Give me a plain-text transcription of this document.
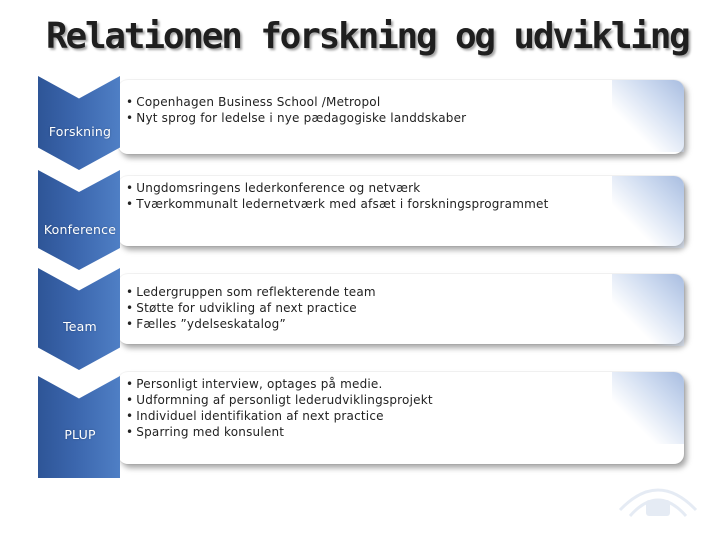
Relationen forskning og udvikling
• Copenhagen Business School /Metropol
• Nyt sprog for ledelse i nye pædagogiske landdskaber
Forskning
• Ungdomsringens lederkonference og netværk
• Tværkommunalt ledernetværk med afsæt i forskningsprogrammet
Konference
• Ledergruppen som reflekterende team
• Støtte for udvikling af next practice
• Fælles ”ydelseskatalog”
Team
• Personligt interview, optages på medie.
• Udformning af personligt lederudviklingsprojekt
• Individuel identifikation af next practice
• Sparring med konsulent
PLUP
